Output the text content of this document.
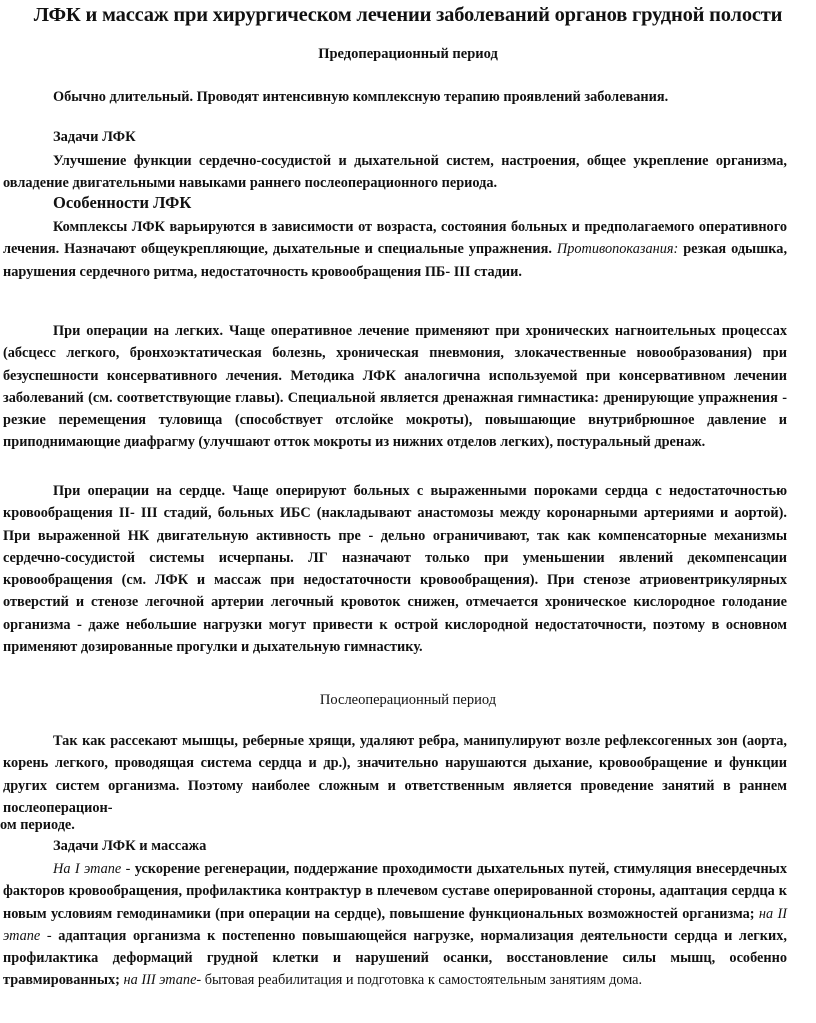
ЛФК и массаж при хирургическом лечении заболеваний органов грудной полости
Предоперационный период

Обычно длительный. Проводят интенсивную комплексную терапию проявлений заболевания.

Задачи ЛФК

Улучшение функции сердечно-сосудистой и дыхательной систем, настроения, общее укрепление организма, овладение двигательными навыками раннего послеоперационного периода.

Особенности ЛФК

Комплексы ЛФК варьируются в зависимости от возраста, состояния больных и предполагаемого оперативного лечения. Назначают общеукрепляющие, дыхательные и специальные упражнения. Противопоказания: резкая одышка, нарушения сердечного ритма, недостаточность кровообращения ПБ- III стадии.

При операции на легких. Чаще оперативное лечение применяют при хронических нагноительных процессах (абсцесс легкого, бронхоэктатическая болезнь, хроническая пневмония, злокачественные новообразования) при безуспешности консервативного лечения. Методика ЛФК аналогична используемой при консервативном лечении заболеваний (см. соответствующие главы). Специальной является дренажная гимнастика: дренирующие упражнения - резкие перемещения туловища (способствует отслойке мокроты), повышающие внутрибрюшное давление и приподнимающие диафрагму (улучшают отток мокроты из нижних отделов легких), постуральный дренаж.

При операции на сердце. Чаще оперируют больных с выраженными пороками сердца с недостаточностью кровообращения II- III стадий, больных ИБС (накладывают анастомозы между коронарными артериями и аортой). При выраженной НК двигательную активность пре - дельно ограничивают, так как компенсаторные механизмы сердечно-сосудистой системы исчерпаны. ЛГ назначают только при уменьшении явлений декомпенсации кровообращения (см. ЛФК и массаж при недостаточности кровообращения). При стенозе атриовентрикулярных отверстий и стенозе легочной артерии легочный кровоток снижен, отмечается хроническое кислородное голодание организма - даже небольшие нагрузки могут привести к острой кислородной недостаточности, поэтому в основном применяют дозированные прогулки и дыхательную гимнастику.

Послеоперационный период

Так как рассекают мышцы, реберные хрящи, удаляют ребра, манипулируют возле рефлексогенных зон (аорта, корень легкого, проводящая система сердца и др.), значительно нарушаются дыхание, кровообращение и функции других систем организма. Поэтому наиболее сложным и ответственным является проведение занятий в раннем послеоперацион-

ом периоде.
Задачи ЛФК и массажа

На I этапе - ускорение регенерации, поддержание проходимости дыхательных путей, стимуляция внесердечных факторов кровообращения, профилактика контрактур в плечевом суставе оперированной стороны, адаптация сердца к новым условиям гемодинамики (при операции на сердце), повышение функциональных возможностей организма; на II этапе - адаптация организма к постепенно повышающейся нагрузке, нормализация деятельности сердца и легких, профилактика деформаций грудной клетки и нарушений осанки, восстановление силы мышц, особенно травмированных; на III этапе- бытовая реабилитация и подготовка к самостоятельным занятиям дома.
